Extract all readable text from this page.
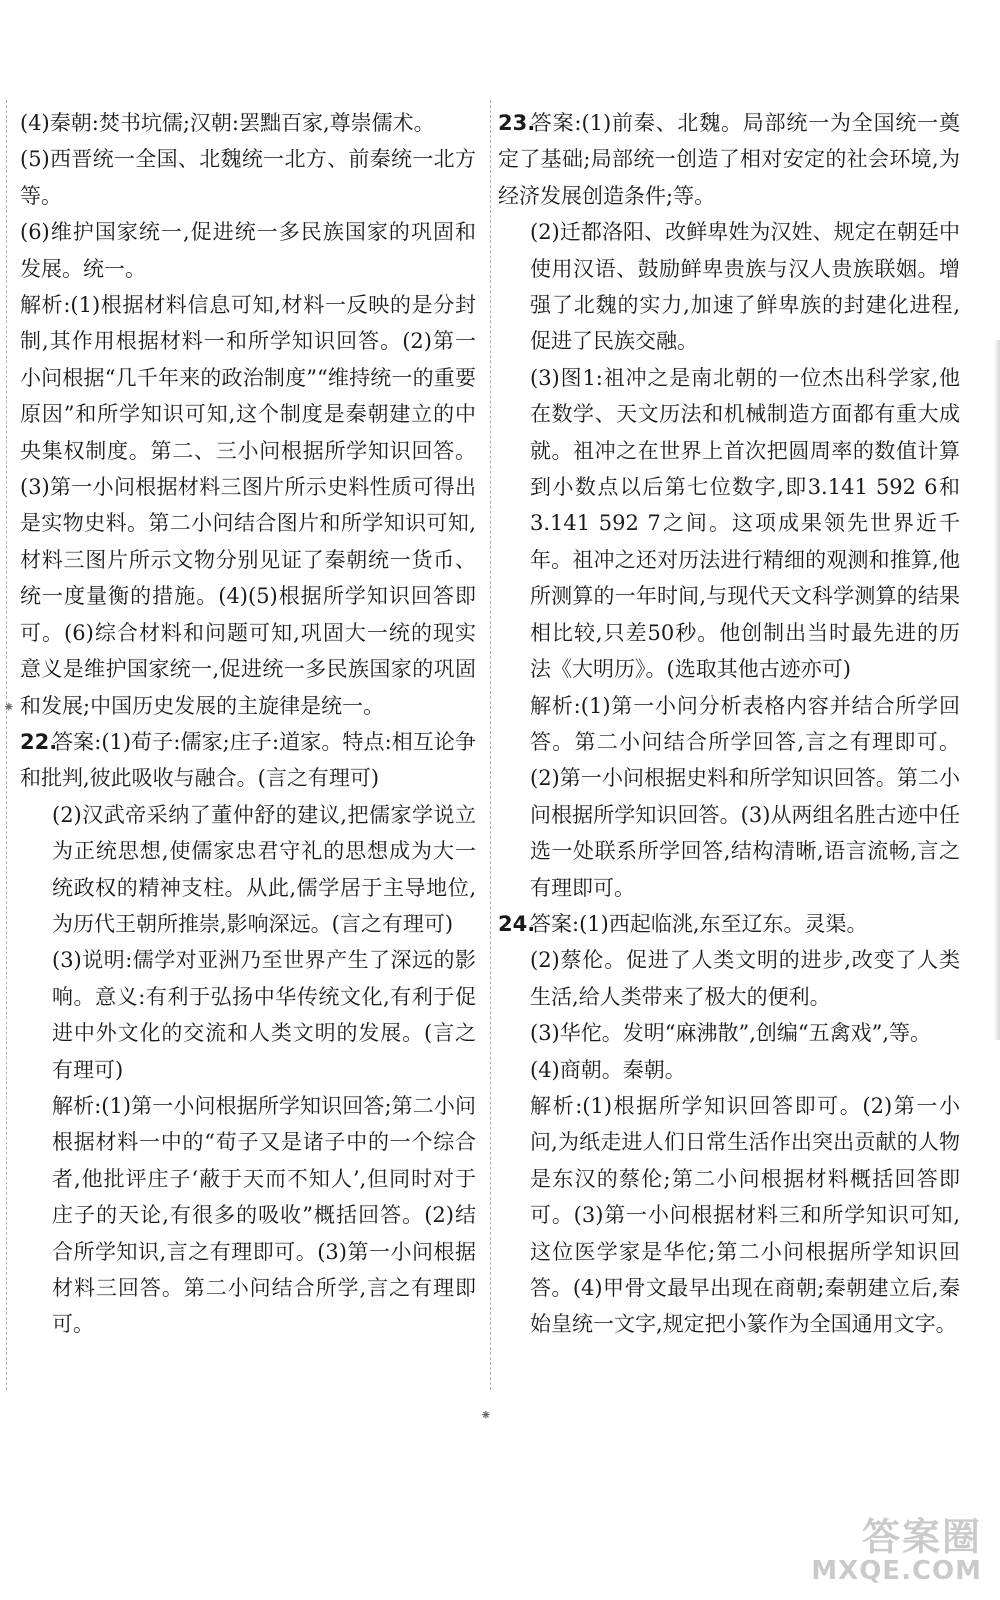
(4)秦朝:焚书坑儒;汉朝:罢黜百家,尊崇儒术。

(5)西晋统一全国、北魏统一北方、前秦统一北方等。

(6)维护国家统一,促进统一多民族国家的巩固和发展。统一。

解析:(1)根据材料信息可知,材料一反映的是分封制,其作用根据材料一和所学知识回答。(2)第一小问根据“几千年来的政治制度”“维持统一的重要原因”和所学知识可知,这个制度是秦朝建立的中央集权制度。第二、三小问根据所学知识回答。(3)第一小问根据材料三图片所示史料性质可得出是实物史料。第二小问结合图片和所学知识可知,材料三图片所示文物分别见证了秦朝统一货币、统一度量衡的措施。(4)(5)根据所学知识回答即可。(6)综合材料和问题可知,巩固大一统的现实意义是维护国家统一,促进统一多民族国家的巩固和发展;中国历史发展的主旋律是统一。

22.答案:(1)荀子:儒家;庄子:道家。特点:相互论争和批判,彼此吸收与融合。(言之有理可)

(2)汉武帝采纳了董仲舒的建议,把儒家学说立为正统思想,使儒家忠君守礼的思想成为大一统政权的精神支柱。从此,儒学居于主导地位,为历代王朝所推崇,影响深远。(言之有理可)

(3)说明:儒学对亚洲乃至世界产生了深远的影响。意义:有利于弘扬中华传统文化,有利于促进中外文化的交流和人类文明的发展。(言之有理可)

解析:(1)第一小问根据所学知识回答;第二小问根据材料一中的“荀子又是诸子中的一个综合者,他批评庄子‘蔽于天而不知人’,但同时对于庄子的天论,有很多的吸收”概括回答。(2)结合所学知识,言之有理即可。(3)第一小问根据材料三回答。第二小问结合所学,言之有理即可。

23.答案:(1)前秦、北魏。局部统一为全国统一奠定了基础;局部统一创造了相对安定的社会环境,为经济发展创造条件;等。

(2)迁都洛阳、改鲜卑姓为汉姓、规定在朝廷中使用汉语、鼓励鲜卑贵族与汉人贵族联姻。增强了北魏的实力,加速了鲜卑族的封建化进程,促进了民族交融。

(3)图1:祖冲之是南北朝的一位杰出科学家,他在数学、天文历法和机械制造方面都有重大成就。祖冲之在世界上首次把圆周率的数值计算到小数点以后第七位数字,即3.141 592 6和3.141 592 7之间。这项成果领先世界近千年。祖冲之还对历法进行精细的观测和推算,他所测算的一年时间,与现代天文科学测算的结果相比较,只差50秒。他创制出当时最先进的历法《大明历》。(选取其他古迹亦可)

解析:(1)第一小问分析表格内容并结合所学回答。第二小问结合所学回答,言之有理即可。(2)第一小问根据史料和所学知识回答。第二小问根据所学知识回答。(3)从两组名胜古迹中任选一处联系所学回答,结构清晰,语言流畅,言之有理即可。

24.答案:(1)西起临洮,东至辽东。灵渠。

(2)蔡伦。促进了人类文明的进步,改变了人类生活,给人类带来了极大的便利。

(3)华佗。发明“麻沸散”,创编“五禽戏”,等。

(4)商朝。秦朝。

解析:(1)根据所学知识回答即可。(2)第一小问,为纸走进人们日常生活作出突出贡献的人物是东汉的蔡伦;第二小问根据材料概括回答即可。(3)第一小问根据材料三和所学知识可知,这位医学家是华佗;第二小问根据所学知识回答。(4)甲骨文最早出现在商朝;秦朝建立后,秦始皇统一文字,规定把小篆作为全国通用文字。

⁕
⁕
答案圈
MXQE.COM
